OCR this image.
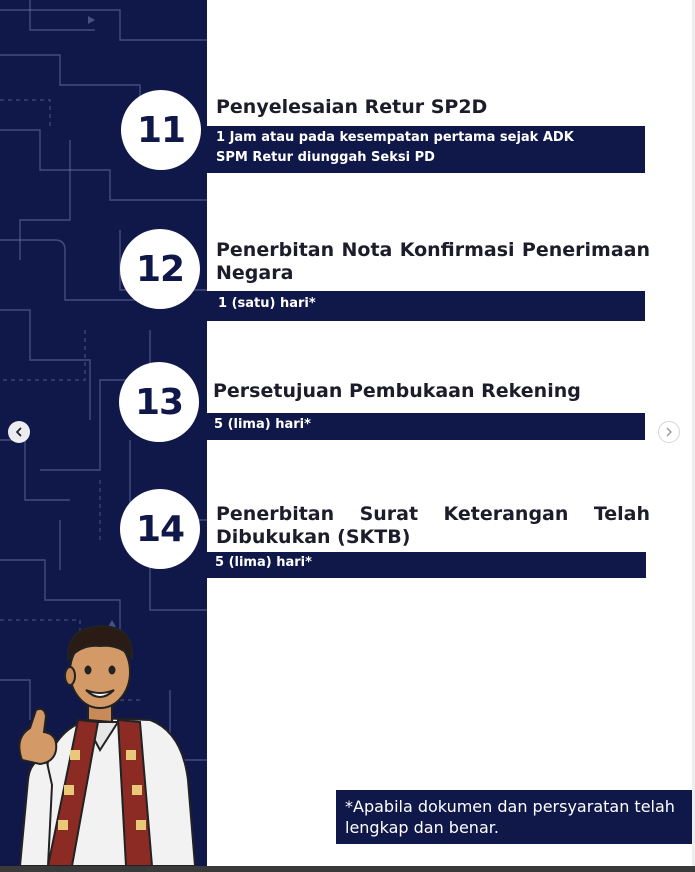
11
Penyelesaian Retur SP2D
1 Jam atau pada kesempatan pertama sejak ADK SPM Retur diunggah Seksi PD
12	Penerbitan Nota Konfirmasi Penerimaan Negara
1 (satu) hari*
13	Persetujuan Pembukaan Rekening
5 (lima) hari*
14	Penerbitan Surat Keterangan Telah Dibukukan (SKTB)
5 (lima) hari*
*Apabila dokumen dan persyaratan telah lengkap dan benar.
